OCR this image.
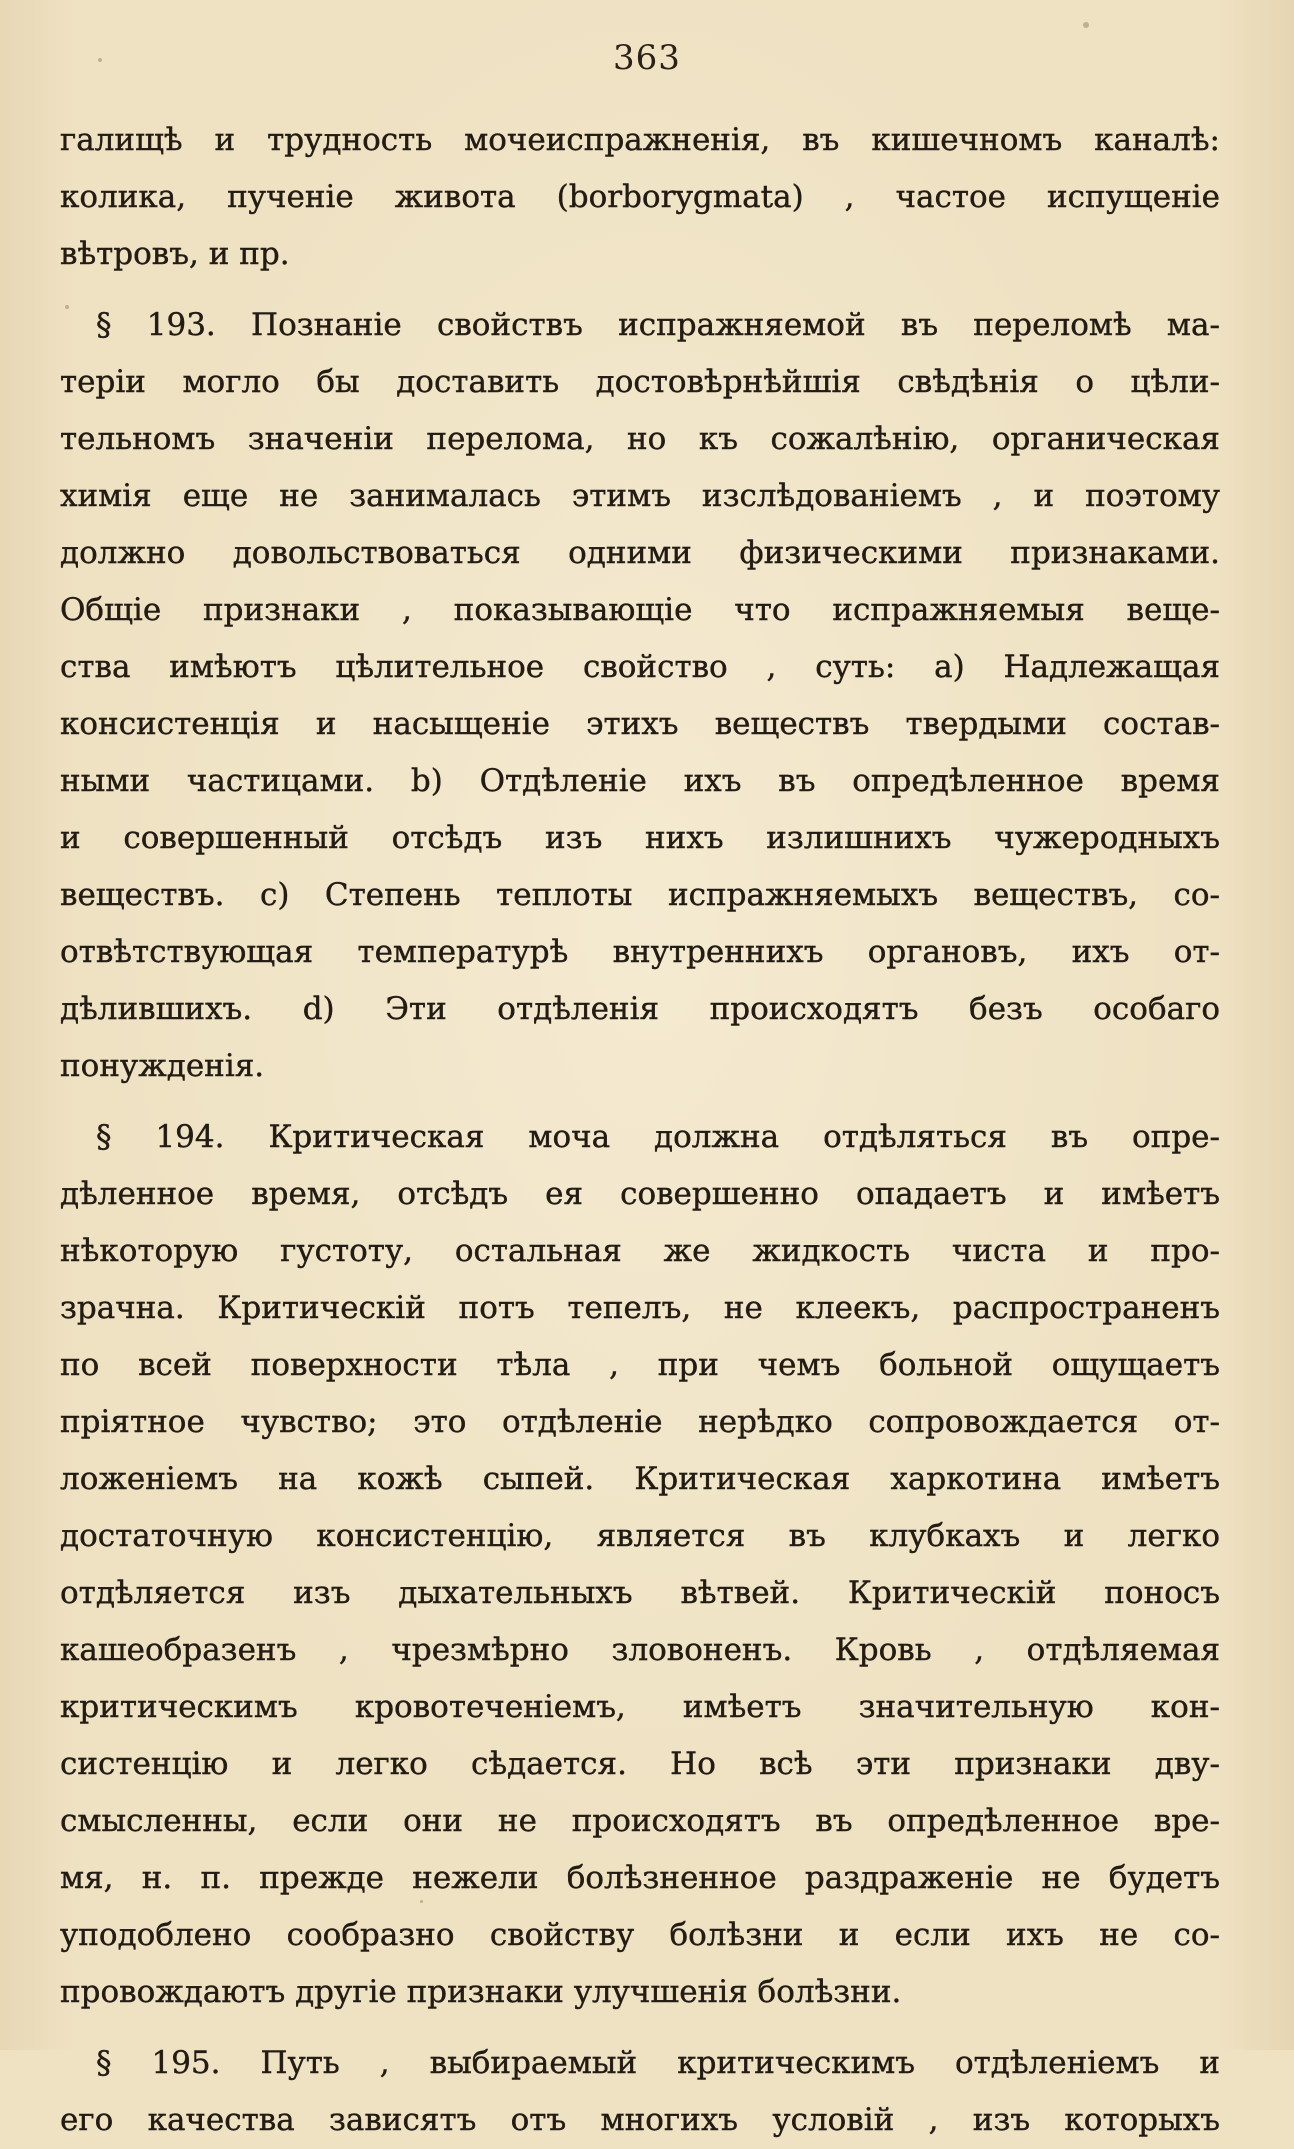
363
галищѣ и трудность мочеиспражненія, въ кишечномъ каналѣ:
колика, пученіе живота (borborygmata) , частое испущеніе
вѣтровъ, и пр.
§ 193. Познаніе свойствъ испражняемой въ переломѣ ма-
теріи могло бы доставить достовѣрнѣйшія свѣдѣнія о цѣли-
тельномъ значеніи перелома, но къ сожалѣнію, органическая
химія еще не занималась этимъ изслѣдованіемъ , и поэтому
должно довольствоваться одними физическими признаками.
Общіе признаки , показывающіе что испражняемыя веще-
ства имѣютъ цѣлительное свойство , суть: а) Надлежащая
консистенція и насыщеніе этихъ веществъ твердыми состав-
ными частицами. b) Отдѣленіе ихъ въ опредѣленное время
и совершенный отсѣдъ изъ нихъ излишнихъ чужеродныхъ
веществъ. с) Степень теплоты испражняемыхъ веществъ, со-
отвѣтствующая температурѣ внутреннихъ органовъ, ихъ от-
дѣлившихъ. d) Эти отдѣленія происходятъ безъ особаго
понужденія.
§ 194. Критическая моча должна отдѣляться въ опре-
дѣленное время, отсѣдъ ея совершенно опадаетъ и имѣетъ
нѣкоторую густоту, остальная же жидкость чиста и про-
зрачна. Критическій потъ тепелъ, не клеекъ, распространенъ
по всей поверхности тѣла , при чемъ больной ощущаетъ
пріятное чувство; это отдѣленіе нерѣдко сопровождается от-
ложеніемъ на кожѣ сыпей. Критическая харкотина имѣетъ
достаточную консистенцію, является въ клубкахъ и легко
отдѣляется изъ дыхательныхъ вѣтвей. Критическій поносъ
кашеобразенъ , чрезмѣрно зловоненъ. Кровь , отдѣляемая
критическимъ кровотеченіемъ, имѣетъ значительную кон-
систенцію и легко сѣдается. Но всѣ эти признаки дву-
смысленны, если они не происходятъ въ опредѣленное вре-
мя, н. п. прежде нежели болѣзненное раздраженіе не будетъ
уподоблено сообразно свойству болѣзни и если ихъ не со-
провождаютъ другіе признаки улучшенія болѣзни.
§ 195. Путь , выбираемый критическимъ отдѣленіемъ и
его качества зависятъ отъ многихъ условій , изъ которыхъ
